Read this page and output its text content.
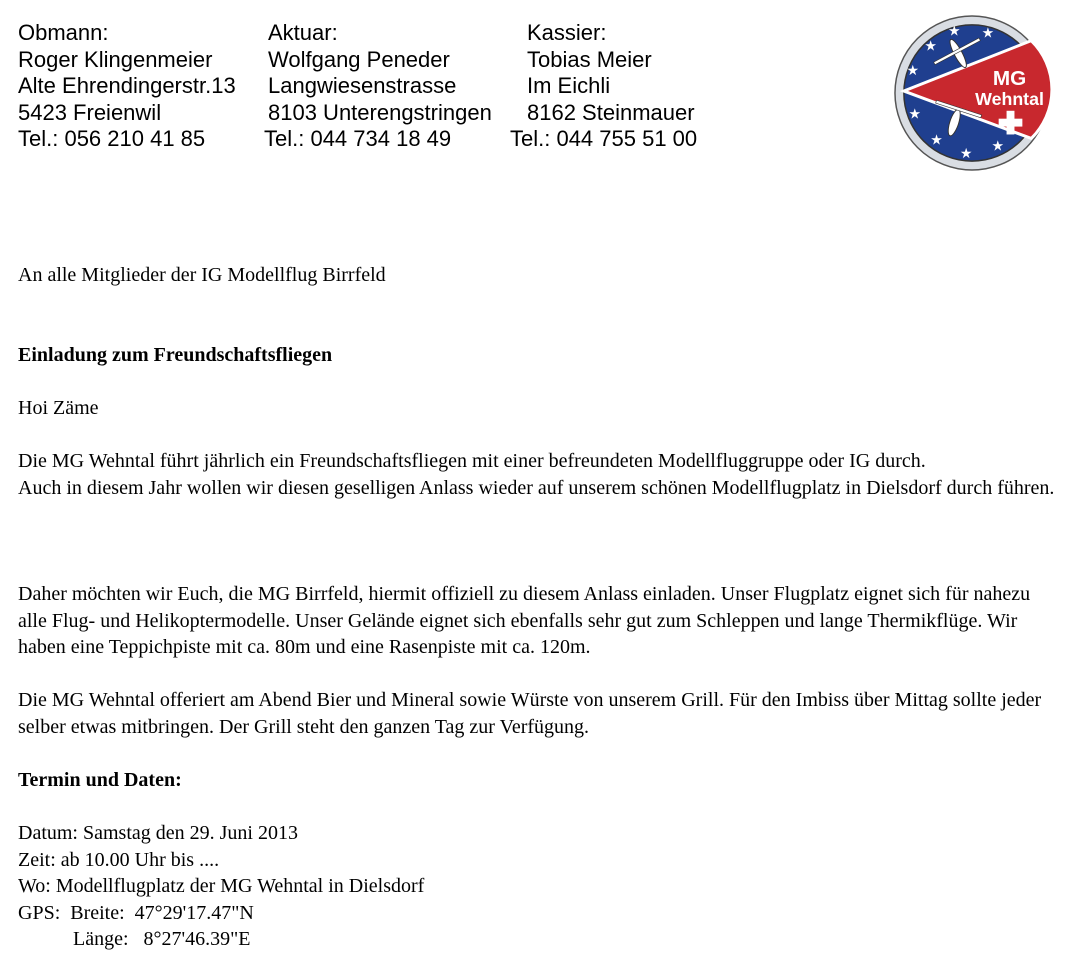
Obmann:
Roger Klingenmeier
Alte Ehrendingerstr.13
5423 Freienwil
Tel.: 056 210 41 85
Aktuar:
Wolfgang Peneder
Langwiesenstrasse
8103 Unterengstringen
Tel.: 044 734 18 49
Kassier:
Tobias Meier
Im Eichli
8162 Steinmauer
Tel.: 044 755 51 00
★
★ ★
★
★
★
★
★
MG
Wehntal
An alle Mitglieder der IG Modellflug Birrfeld
Einladung zum Freundschaftsfliegen
Hoi Zäme
Die MG Wehntal führt jährlich ein Freundschaftsfliegen mit einer befreundeten Modellfluggruppe oder IG durch.
Auch in diesem Jahr wollen wir diesen geselligen Anlass wieder auf unserem schönen Modellflugplatz in Dielsdorf durch führen.
Daher möchten wir Euch, die MG Birrfeld, hiermit offiziell zu diesem Anlass einladen. Unser Flugplatz eignet sich für nahezu alle Flug- und Helikoptermodelle. Unser Gelände eignet sich ebenfalls sehr gut zum Schleppen und lange Thermikflüge. Wir haben eine Teppichpiste mit ca. 80m und eine Rasenpiste mit ca. 120m.
Die MG Wehntal offeriert am Abend Bier und Mineral sowie Würste von unserem Grill. Für den Imbiss über Mittag sollte jeder selber etwas mitbringen. Der Grill steht den ganzen Tag zur Verfügung.
Termin und Daten:
Datum: Samstag den 29. Juni 2013
Zeit: ab 10.00 Uhr bis ....
Wo: Modellflugplatz der MG Wehntal in Dielsdorf
GPS:  Breite:  47°29'17.47"N
Länge:   8°27'46.39"E
